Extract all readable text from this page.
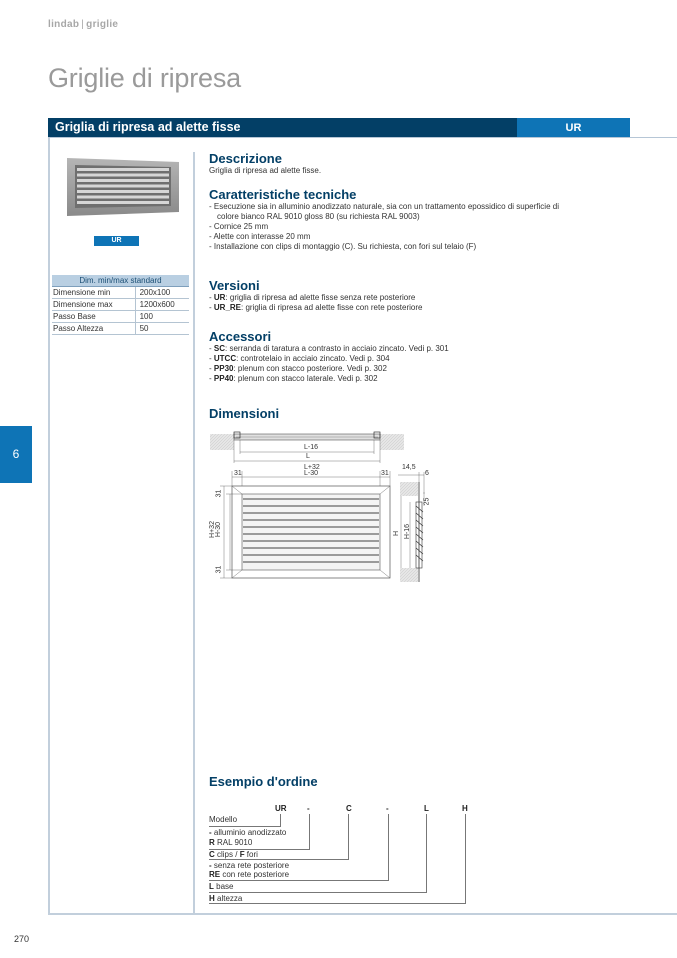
lindab | griglie
Griglie di ripresa
Griglia di ripresa ad alette fisse	UR
UR
Dim. min/max standard	
Dimensione min	200x100
Dimensione max	1200x600
Passo Base	100
Passo Altezza	50
6
270
Descrizione
Griglia di ripresa ad alette fisse.
Caratteristiche tecniche
- Esecuzione sia in alluminio anodizzato naturale, sia con un trattamento epossidico di superficie di
colore bianco RAL 9010 gloss 80 (su richiesta RAL 9003)
- Cornice 25 mm
- Alette con interasse 20 mm
- Installazione con clips di montaggio (C). Su richiesta, con fori sul telaio (F)
Versioni
- UR: griglia di ripresa ad alette fisse senza rete posteriore
- UR_RE: griglia di ripresa ad alette fisse con rete posteriore
Accessori
- SC: serranda di taratura a contrasto in acciaio zincato. Vedi p. 301
- UTCC: controtelaio in acciaio zincato. Vedi p. 304
- PP30: plenum con stacco posteriore. Vedi p. 302
- PP40: plenum con stacco laterale. Vedi p. 302
Dimensioni
L-16
L
L+32
L-30
31	31
31
31
H+32 H-30
14,5
6
25
H H-16
Esempio d'ordine
UR	-	C	-	L	H
Modello
- alluminio anodizzato
R RAL 9010
C clips / F fori
- senza rete posteriore
RE con rete posteriore
L base
H altezza
